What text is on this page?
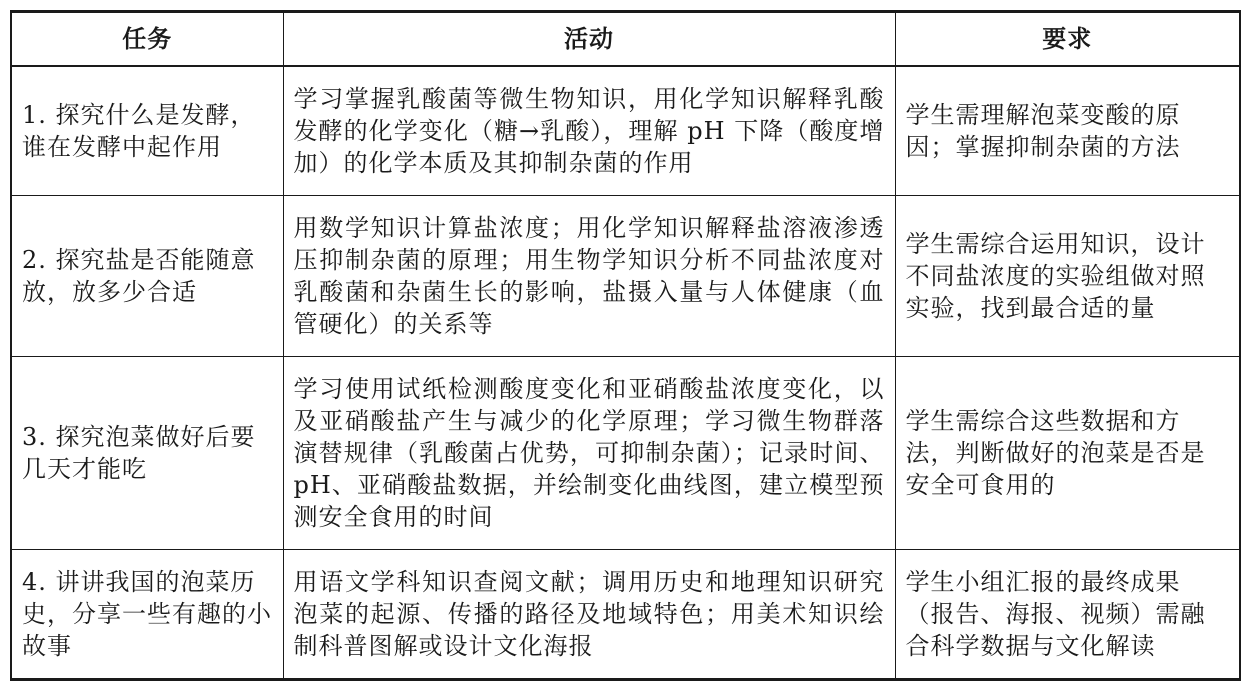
任务	活动	要求
1. 探究什么是发酵，谁在发酵中起作用	学习掌握乳酸菌等微生物知识，用化学知识解释乳酸发酵的化学变化（糖→乳酸），理解 pH 下降（酸度增加）的化学本质及其抑制杂菌的作用	学生需理解泡菜变酸的原因；掌握抑制杂菌的方法
2. 探究盐是否能随意放，放多少合适	用数学知识计算盐浓度；用化学知识解释盐溶液渗透压抑制杂菌的原理；用生物学知识分析不同盐浓度对乳酸菌和杂菌生长的影响，盐摄入量与人体健康（血管硬化）的关系等	学生需综合运用知识，设计不同盐浓度的实验组做对照实验，找到最合适的量
3. 探究泡菜做好后要几天才能吃	学习使用试纸检测酸度变化和亚硝酸盐浓度变化，以及亚硝酸盐产生与减少的化学原理；学习微生物群落演替规律（乳酸菌占优势，可抑制杂菌）；记录时间、pH、亚硝酸盐数据，并绘制变化曲线图，建立模型预测安全食用的时间	学生需综合这些数据和方法，判断做好的泡菜是否是安全可食用的
4. 讲讲我国的泡菜历史，分享一些有趣的小故事	用语文学科知识查阅文献；调用历史和地理知识研究泡菜的起源、传播的路径及地域特色；用美术知识绘制科普图解或设计文化海报	学生小组汇报的最终成果（报告、海报、视频）需融合科学数据与文化解读
